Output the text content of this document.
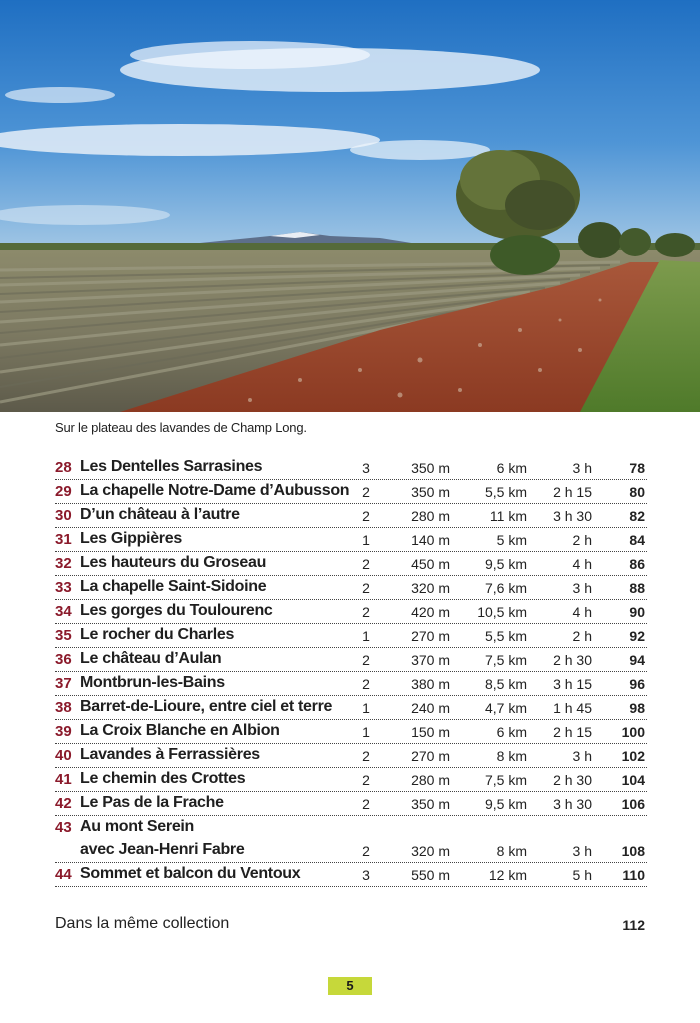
Sur le plateau des lavandes de Champ Long.
28 Les Dentelles Sarrasines	3	350 m	6 km	3 h	78
29 La chapelle Notre-Dame d’Aubusson 2	350 m	5,5 km 2 h 15	80
30 D’un château à l’autre	2	280 m	11 km 3 h 30	82
31 Les Gippières	1	140 m	5 km	2 h	84
32 Les hauteurs du Groseau	2	450 m	9,5 km	4 h	86
33 La chapelle Saint-Sidoine	2	320 m	7,6 km	3 h	88
34 Les gorges du Toulourenc	2	420 m 10,5 km	4 h	90
35 Le rocher du Charles	1	270 m	5,5 km	2 h	92
36 Le château d’Aulan	2	370 m	7,5 km 2 h 30	94
37 Montbrun-les-Bains	2	380 m	8,5 km 3 h 15	96
38 Barret-de-Lioure, entre ciel et terre 1	240 m	4,7 km 1 h 45	98
39 La Croix Blanche en Albion	1	150 m	6 km 2 h 15 100
40 Lavandes à Ferrassières	2	270 m	8 km	3 h 102
41 Le chemin des Crottes	2	280 m	7,5 km 2 h 30 104
42 Le Pas de la Frache	2	350 m	9,5 km 3 h 30 106
43 Au mont Serein
avec Jean-Henri Fabre	2	320 m	8 km	3 h 108
44 Sommet et balcon du Ventoux	3	550 m	12 km	5 h 110
Dans la même collection	112
5
